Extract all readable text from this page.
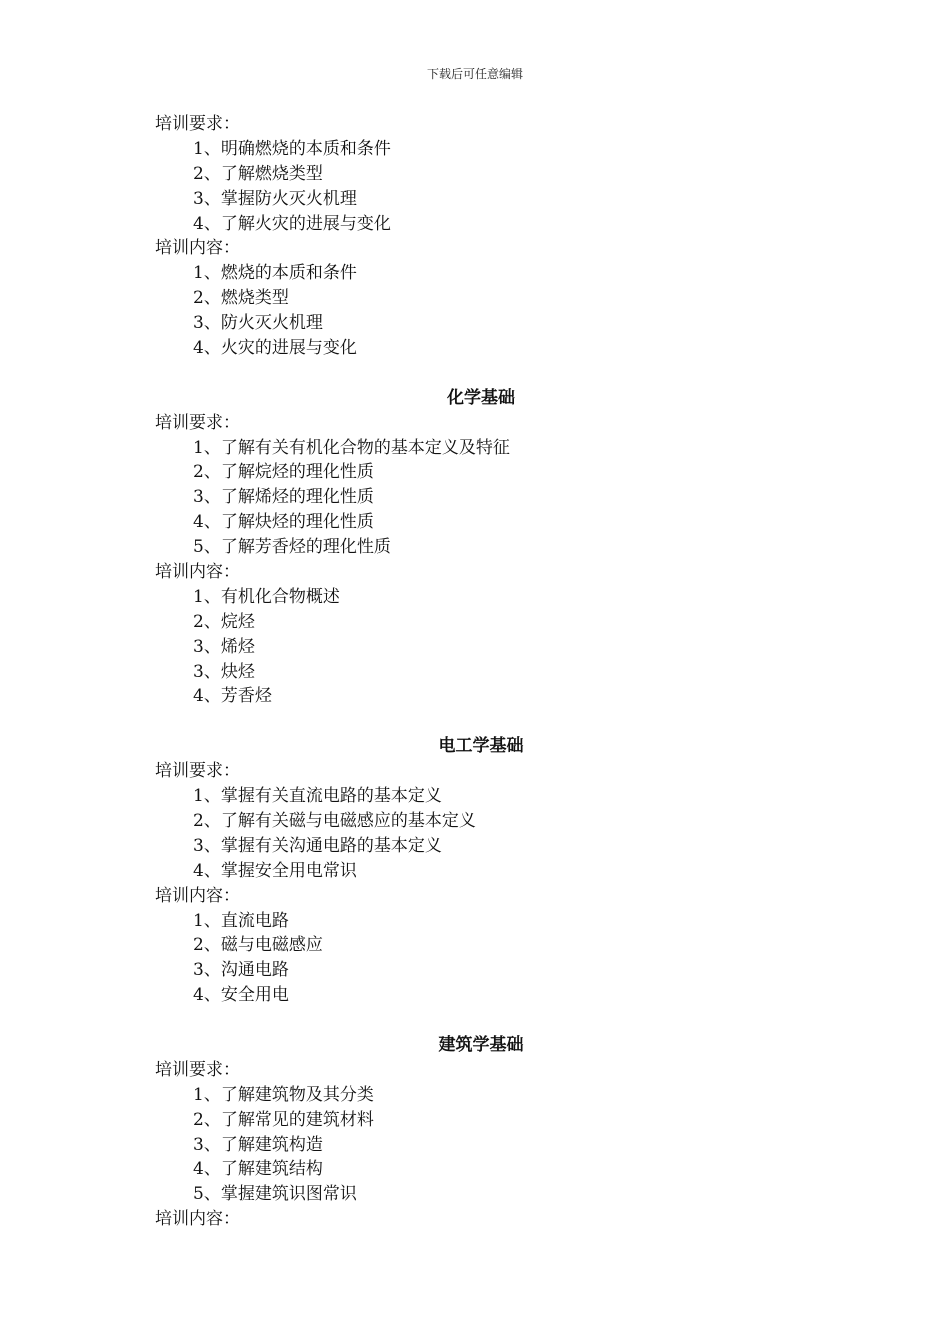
下载后可任意编辑
培训要求：
1、明确燃烧的本质和条件
2、了解燃烧类型
3、掌握防火灭火机理
4、了解火灾的进展与变化
培训内容：
1、燃烧的本质和条件
2、燃烧类型
3、防火灭火机理
4、火灾的进展与变化
化学基础
培训要求：
1、了解有关有机化合物的基本定义及特征
2、了解烷烃的理化性质
3、了解烯烃的理化性质
4、了解炔烃的理化性质
5、了解芳香烃的理化性质
培训内容：
1、有机化合物概述
2、烷烃
3、烯烃
3、炔烃
4、芳香烃
电工学基础
培训要求：
1、掌握有关直流电路的基本定义
2、了解有关磁与电磁感应的基本定义
3、掌握有关沟通电路的基本定义
4、掌握安全用电常识
培训内容：
1、直流电路
2、磁与电磁感应
3、沟通电路
4、安全用电
建筑学基础
培训要求：
1、了解建筑物及其分类
2、了解常见的建筑材料
3、了解建筑构造
4、了解建筑结构
5、掌握建筑识图常识
培训内容：
